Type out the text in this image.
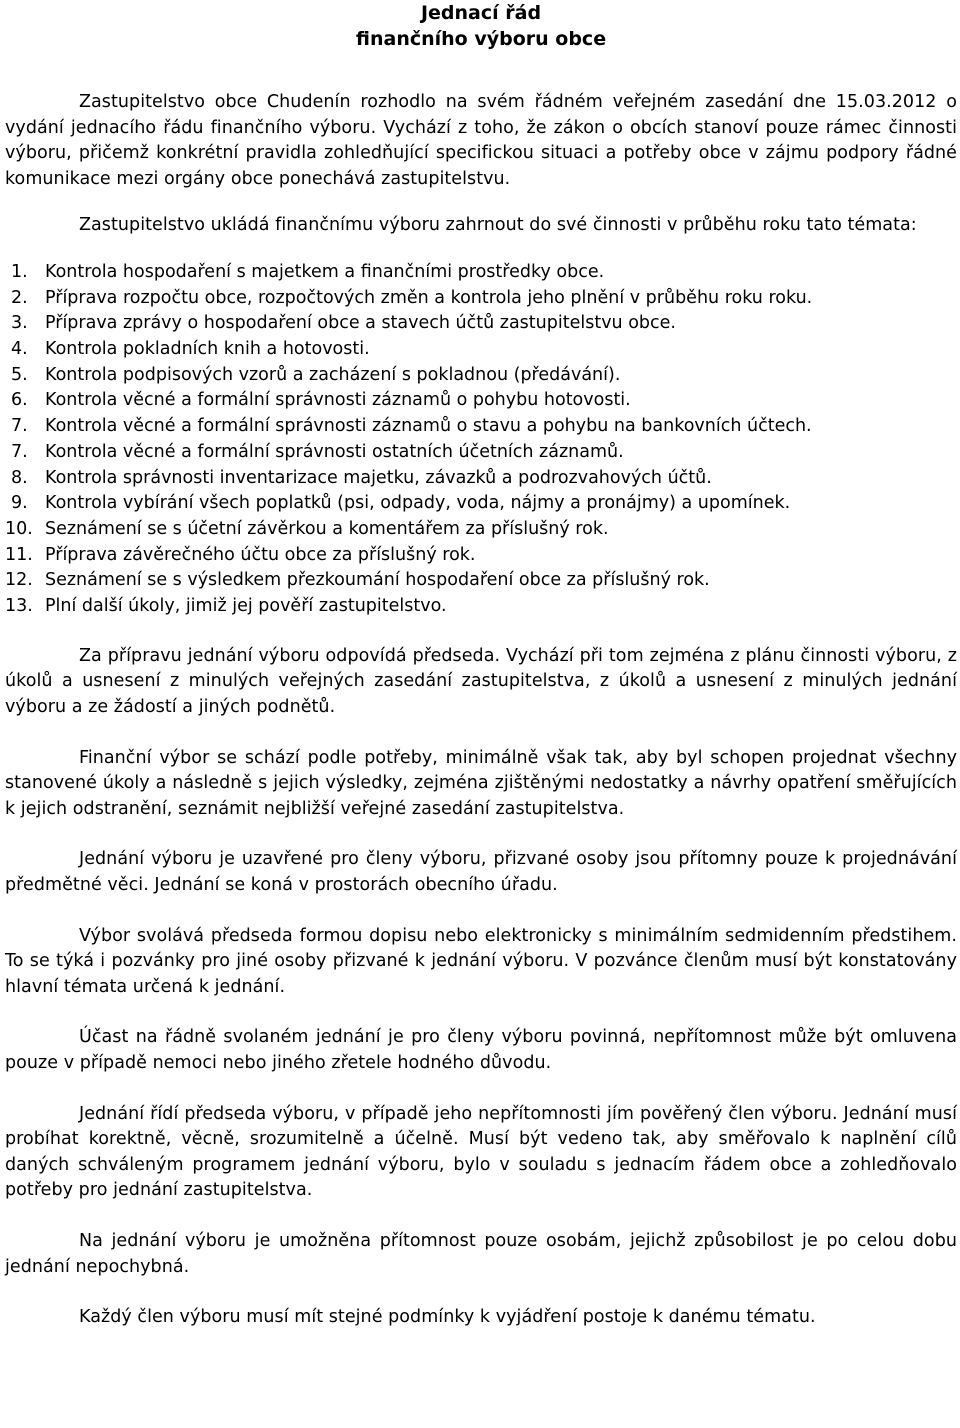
Jednací řád

finančního výboru obce

Zastupitelstvo obce Chudenín rozhodlo na svém řádném veřejném zasedání dne 15.03.2012 o vydání jednacího řádu finančního výboru. Vychází z toho, že zákon o obcích stanoví pouze rámec činnosti výboru, přičemž konkrétní pravidla zohledňující specifickou situaci a potřeby obce v zájmu podpory řádné komunikace mezi orgány obce ponechává zastupitelstvu.

Zastupitelstvo ukládá finančnímu výboru zahrnout do své činnosti v průběhu roku tato témata:

1. Kontrola hospodaření s majetkem a finančními prostředky obce.
2. Příprava rozpočtu obce, rozpočtových změn a kontrola jeho plnění v průběhu roku roku.
3. Příprava zprávy o hospodaření obce a stavech účtů zastupitelstvu obce.
4. Kontrola pokladních knih a hotovosti.
5. Kontrola podpisových vzorů a zacházení s pokladnou (předávání).
6. Kontrola věcné a formální správnosti záznamů o pohybu hotovosti.
7. Kontrola věcné a formální správnosti záznamů o stavu a pohybu na bankovních účtech.
7. Kontrola věcné a formální správnosti ostatních účetních záznamů.
8. Kontrola správnosti inventarizace majetku, závazků a podrozvahových účtů.
9. Kontrola vybírání všech poplatků (psi, odpady, voda, nájmy a pronájmy) a upomínek.
10. Seznámení se s účetní závěrkou a komentářem za příslušný rok.
11. Příprava závěrečného účtu obce za příslušný rok.
12. Seznámení se s výsledkem přezkoumání hospodaření obce za příslušný rok.
13. Plní další úkoly, jimiž jej pověří zastupitelstvo.

Za přípravu jednání výboru odpovídá předseda. Vychází při tom zejména z plánu činnosti výboru, z úkolů a usnesení z minulých veřejných zasedání zastupitelstva, z úkolů a usnesení z minulých jednání výboru a ze žádostí a jiných podnětů.

Finanční výbor se schází podle potřeby, minimálně však tak, aby byl schopen projednat všechny stanovené úkoly a následně s jejich výsledky, zejména zjištěnými nedostatky a návrhy opatření směřujících k jejich odstranění, seznámit nejbližší veřejné zasedání zastupitelstva.

Jednání výboru je uzavřené pro členy výboru, přizvané osoby jsou přítomny pouze k projednávání předmětné věci. Jednání se koná v prostorách obecního úřadu.

Výbor svolává předseda formou dopisu nebo elektronicky s minimálním sedmidenním předstihem. To se týká i pozvánky pro jiné osoby přizvané k jednání výboru. V pozvánce členům musí být konstatovány hlavní témata určená k jednání.

Účast na řádně svolaném jednání je pro členy výboru povinná, nepřítomnost může být omluvena pouze v případě nemoci nebo jiného zřetele hodného důvodu.

Jednání řídí předseda výboru, v případě jeho nepřítomnosti jím pověřený člen výboru. Jednání musí probíhat korektně, věcně, srozumitelně a účelně. Musí být vedeno tak, aby směřovalo k naplnění cílů daných schváleným programem jednání výboru, bylo v souladu s jednacím řádem obce a zohledňovalo potřeby pro jednání zastupitelstva.

Na jednání výboru je umožněna přítomnost pouze osobám, jejichž způsobilost je po celou dobu jednání nepochybná.

Každý člen výboru musí mít stejné podmínky k vyjádření postoje k danému tématu.
